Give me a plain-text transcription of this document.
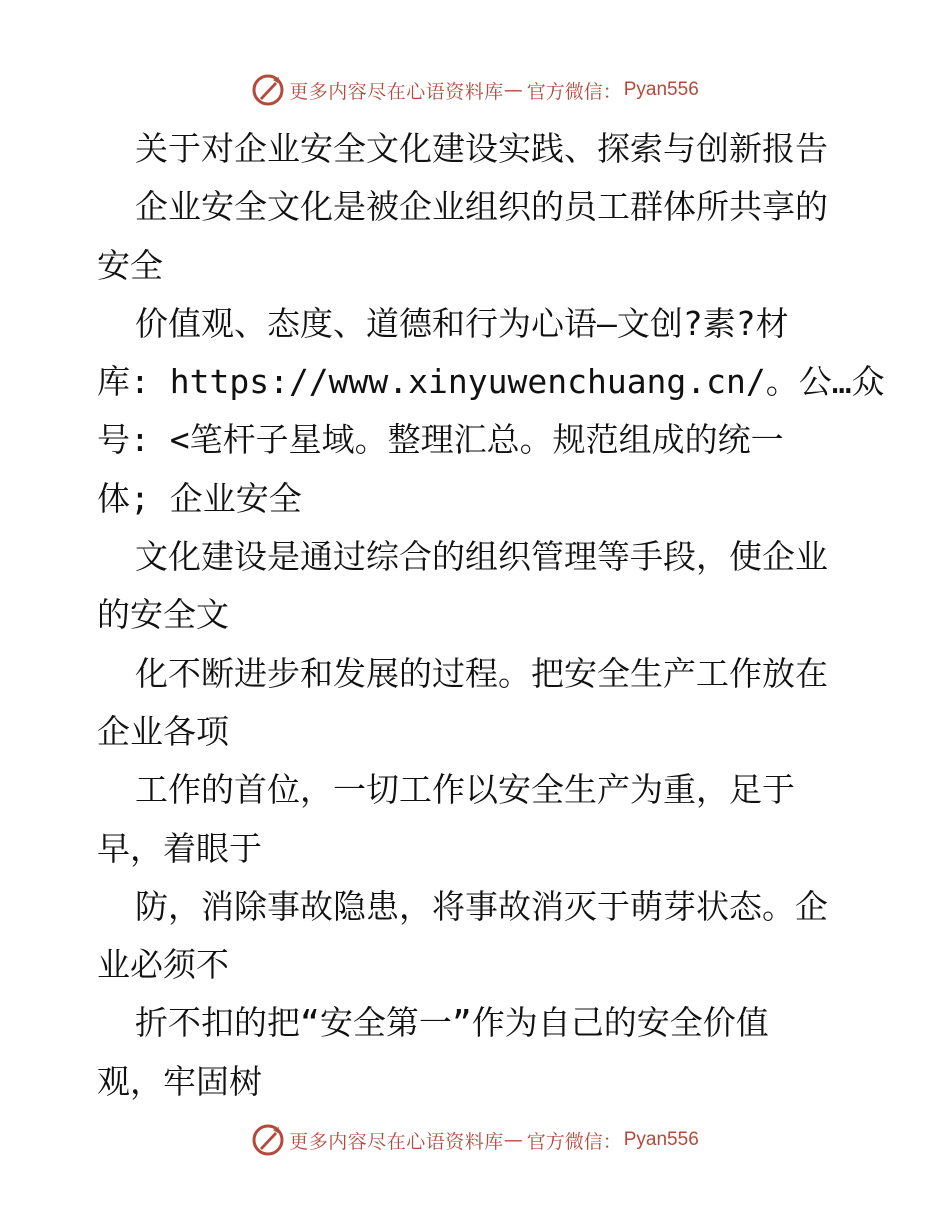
更多内容尽在心语资料库 — 官方微信： Pyan556
关于对企业安全文化建设实践、探索与创新报告
企业安全文化是被企业组织的员工群体所共享的
安全
价值观、态度、道德和行为心语—文创?素?材
库: https://www.xinyuwenchuang.cn/。公…众
号: <笔杆子星域。整理汇总。规范组成的统一
体; 企业安全
文化建设是通过综合的组织管理等手段，使企业
的安全文
化不断进步和发展的过程。把安全生产工作放在
企业各项
工作的首位，一切工作以安全生产为重，足于
早，着眼于
防，消除事故隐患，将事故消灭于萌芽状态。企
业必须不
折不扣的把“安全第一”作为自己的安全价值
观，牢固树
更多内容尽在心语资料库 — 官方微信： Pyan556
